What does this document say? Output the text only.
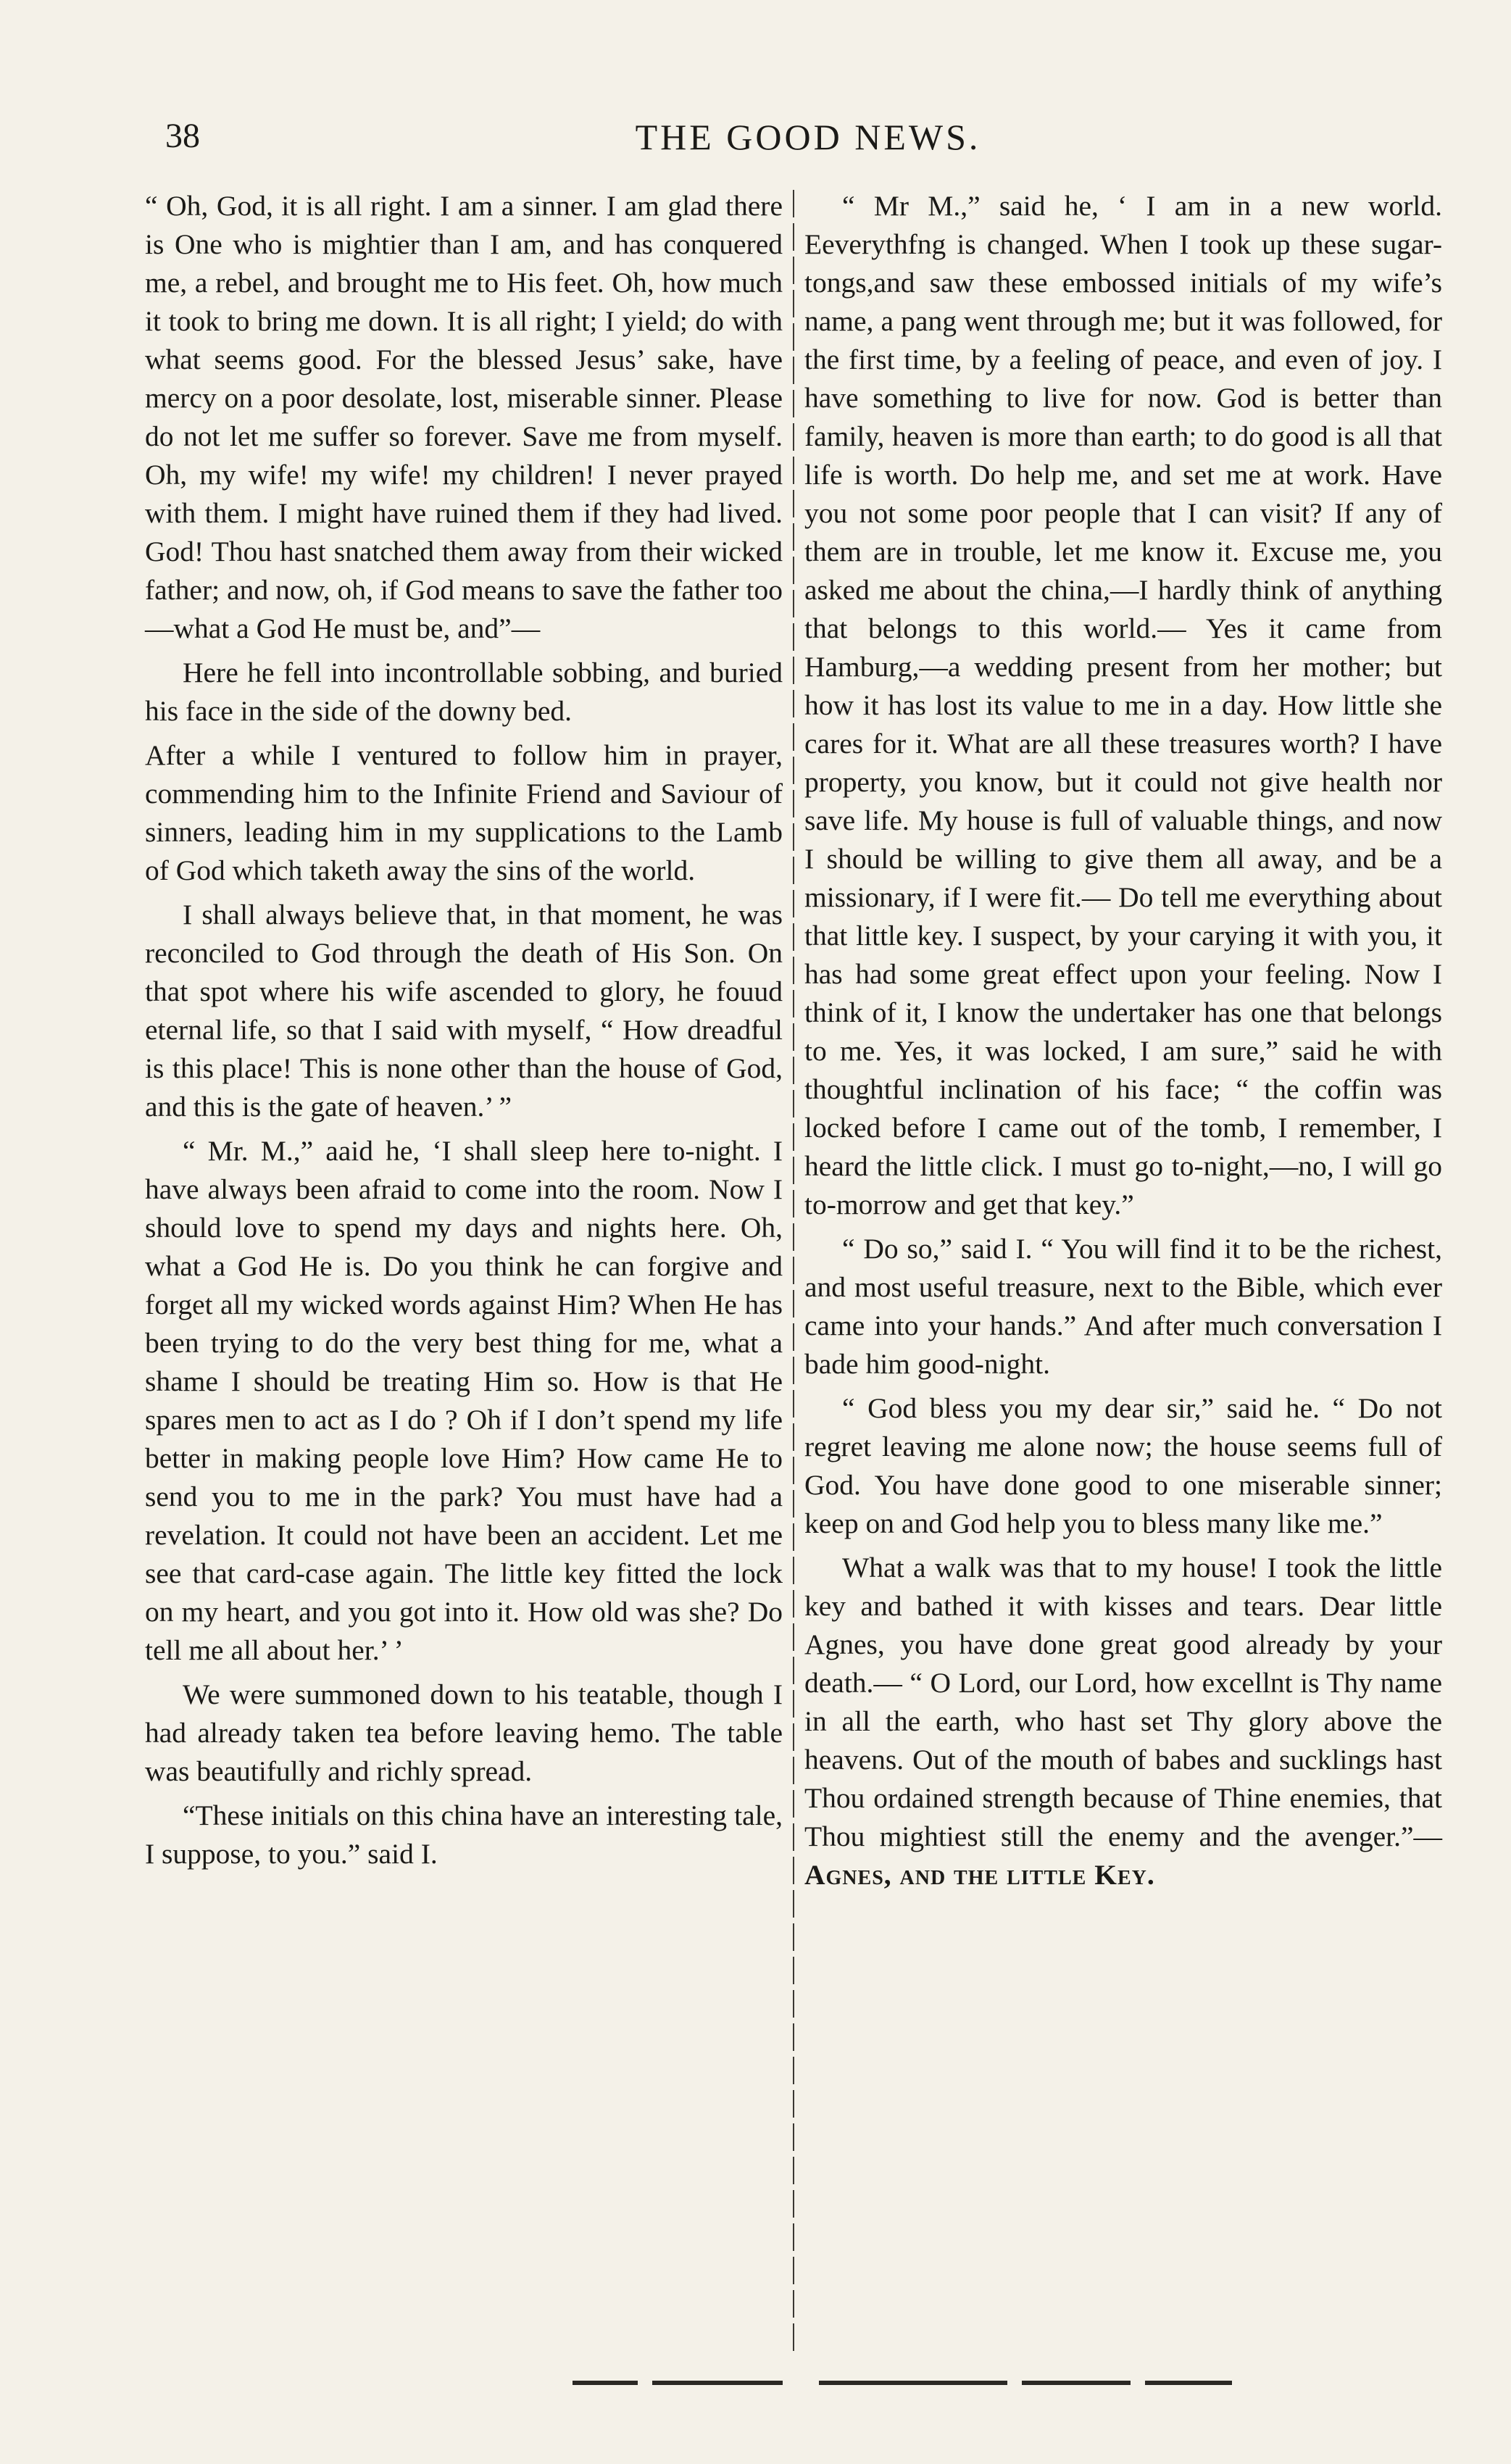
38	THE GOOD NEWS.

“ Oh, God, it is all right. I am a sinner. I am glad there is One who is mightier than I am, and has conquered me, a rebel, and brought me to His feet. Oh, how much it took to bring me down. It is all right; I yield; do with what seems good. For the blessed Jesus’ sake, have mercy on a poor desolate, lost, miserable sinner. Please do not let me suffer so forever. Save me from myself. Oh, my wife! my wife! my children! I never prayed with them. I might have ruined them if they had lived. God! Thou hast snatched them away from their wicked father; and now, oh, if God means to save the father too—what a God He must be, and”—

Here he fell into incontrollable sobbing, and buried his face in the side of the downy bed.

After a while I ventured to follow him in prayer, commending him to the Infinite Friend and Saviour of sinners, leading him in my supplications to the Lamb of God which taketh away the sins of the world.

I shall always believe that, in that moment, he was reconciled to God through the death of His Son. On that spot where his wife ascended to glory, he fouud eternal life, so that I said with myself, “ How dreadful is this place! This is none other than the house of God, and this is the gate of heaven.’ ”

“ Mr. M.,” aaid he, ‘I shall sleep here to-night. I have always been afraid to come into the room. Now I should love to spend my days and nights here. Oh, what a God He is. Do you think he can forgive and forget all my wicked words against Him? When He has been trying to do the very best thing for me, what a shame I should be treating Him so. How is that He spares men to act as I do ? Oh if I don’t spend my life better in making people love Him? How came He to send you to me in the park? You must have had a revelation. It could not have been an accident. Let me see that card-case again. The little key fitted the lock on my heart, and you got into it. How old was she? Do tell me all about her.’ ’

We were summoned down to his teatable, though I had already taken tea before leaving hemo. The table was beautifully and richly spread.

“These initials on this china have an interesting tale, I suppose, to you.” said I.

“ Mr M.,” said he, ‘ I am in a new world. Eeverythfng is changed. When I took up these sugar-tongs,and saw these embossed initials of my wife’s name, a pang went through me; but it was followed, for the first time, by a feeling of peace, and even of joy. I have something to live for now. God is better than family, heaven is more than earth; to do good is all that life is worth. Do help me, and set me at work. Have you not some poor people that I can visit? If any of them are in trouble, let me know it. Excuse me, you asked me about the china,—I hardly think of anything that belongs to this world.— Yes it came from Hamburg,—a wedding present from her mother; but how it has lost its value to me in a day. How little she cares for it. What are all these treasures worth? I have property, you know, but it could not give health nor save life. My house is full of valuable things, and now I should be willing to give them all away, and be a missionary, if I were fit.— Do tell me everything about that little key. I suspect, by your carying it with you, it has had some great effect upon your feeling. Now I think of it, I know the undertaker has one that belongs to me. Yes, it was locked, I am sure,” said he with thoughtful inclination of his face; “ the coffin was locked before I came out of the tomb, I remember, I heard the little click. I must go to-night,—no, I will go to-morrow and get that key.”

“ Do so,” said I. “ You will find it to be the richest, and most useful treasure, next to the Bible, which ever came into your hands.” And after much conversation I bade him good-night.

“ God bless you my dear sir,” said he. “ Do not regret leaving me alone now; the house seems full of God. You have done good to one miserable sinner; keep on and God help you to bless many like me.”

What a walk was that to my house! I took the little key and bathed it with kisses and tears. Dear little Agnes, you have done great good already by your death.— “ O Lord, our Lord, how excellnt is Thy name in all the earth, who hast set Thy glory above the heavens. Out of the mouth of babes and sucklings hast Thou ordained strength because of Thine enemies, that Thou mightiest still the enemy and the avenger.”—Agnes, and the little Key.
